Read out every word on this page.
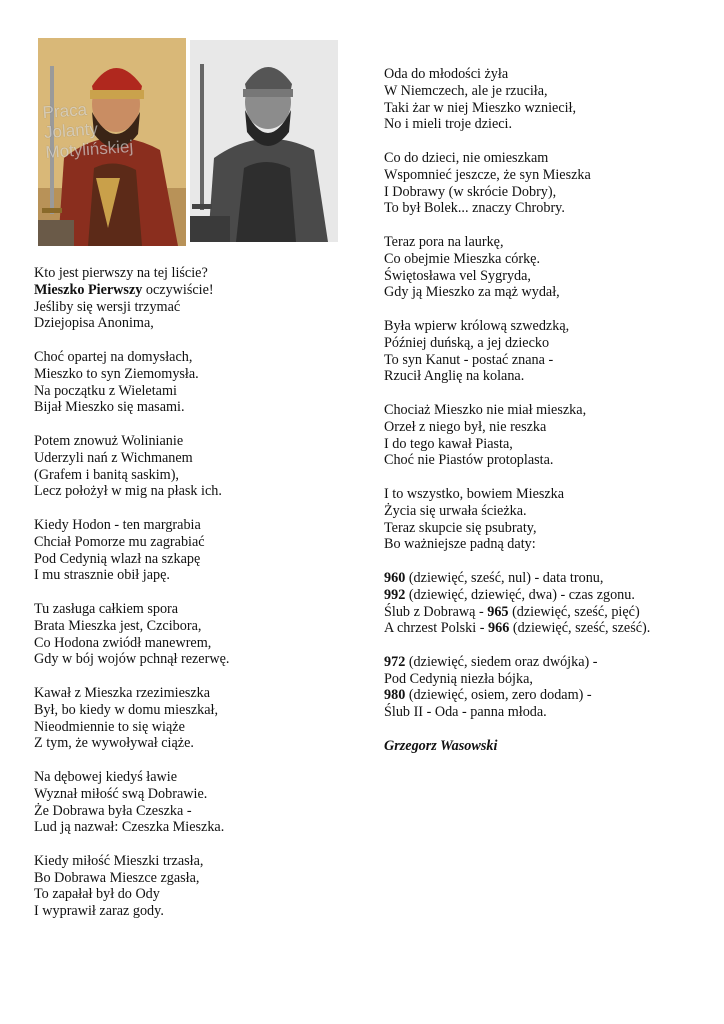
Praca
Jolanty
Motylińskiej
Kto jest pierwszy na tej liście?
Mieszko Pierwszy oczywiście!
Jeśliby się wersji trzymać
Dziejopisa Anonima,
Choć opartej na domysłach,
Mieszko to syn Ziemomysła.
Na początku z Wieletami
Bijał Mieszko się masami.
Potem znowuż Wolinianie
Uderzyli nań z Wichmanem
(Grafem i banitą saskim),
Lecz położył w mig na płask ich.
Kiedy Hodon - ten margrabia
Chciał Pomorze mu zagrabiać
Pod Cedynią wlazł na szkapę
I mu strasznie obił japę.
Tu zasługa całkiem spora
Brata Mieszka jest, Czcibora,
Co Hodona zwiódł manewrem,
Gdy w bój wojów pchnął rezerwę.
Kawał z Mieszka rzezimieszka
Był, bo kiedy w domu mieszkał,
Nieodmiennie to się wiąże
Z tym, że wywoływał ciąże.
Na dębowej kiedyś ławie
Wyznał miłość swą Dobrawie.
Że Dobrawa była Czeszka -
Lud ją nazwał: Czeszka Mieszka.
Kiedy miłość Mieszki trzasła,
Bo Dobrawa Mieszce zgasła,
To zapałał był do Ody
I wyprawił zaraz gody.
Oda do młodości żyła
W Niemczech, ale je rzuciła,
Taki żar w niej Mieszko wzniecił,
No i mieli troje dzieci.
Co do dzieci, nie omieszkam
Wspomnieć jeszcze, że syn Mieszka
I Dobrawy (w skrócie Dobry),
To był Bolek... znaczy Chrobry.
Teraz pora na laurkę,
Co obejmie Mieszka córkę.
Świętosława vel Sygryda,
Gdy ją Mieszko za mąż wydał,
Była wpierw królową szwedzką,
Później duńską, a jej dziecko
To syn Kanut - postać znana -
Rzucił Anglię na kolana.
Chociaż Mieszko nie miał mieszka,
Orzeł z niego był, nie reszka
I do tego kawał Piasta,
Choć nie Piastów protoplasta.
I to wszystko, bowiem Mieszka
Życia się urwała ścieżka.
Teraz skupcie się psubraty,
Bo ważniejsze padną daty:
960 (dziewięć, sześć, nul) - data tronu,
992 (dziewięć, dziewięć, dwa) - czas zgonu.
Ślub z Dobrawą - 965 (dziewięć, sześć, pięć)
A chrzest Polski - 966 (dziewięć, sześć, sześć).
972 (dziewięć, siedem oraz dwójka) -
Pod Cedynią niezła bójka,
980 (dziewięć, osiem, zero dodam) -
Ślub II - Oda - panna młoda.
Grzegorz Wasowski
